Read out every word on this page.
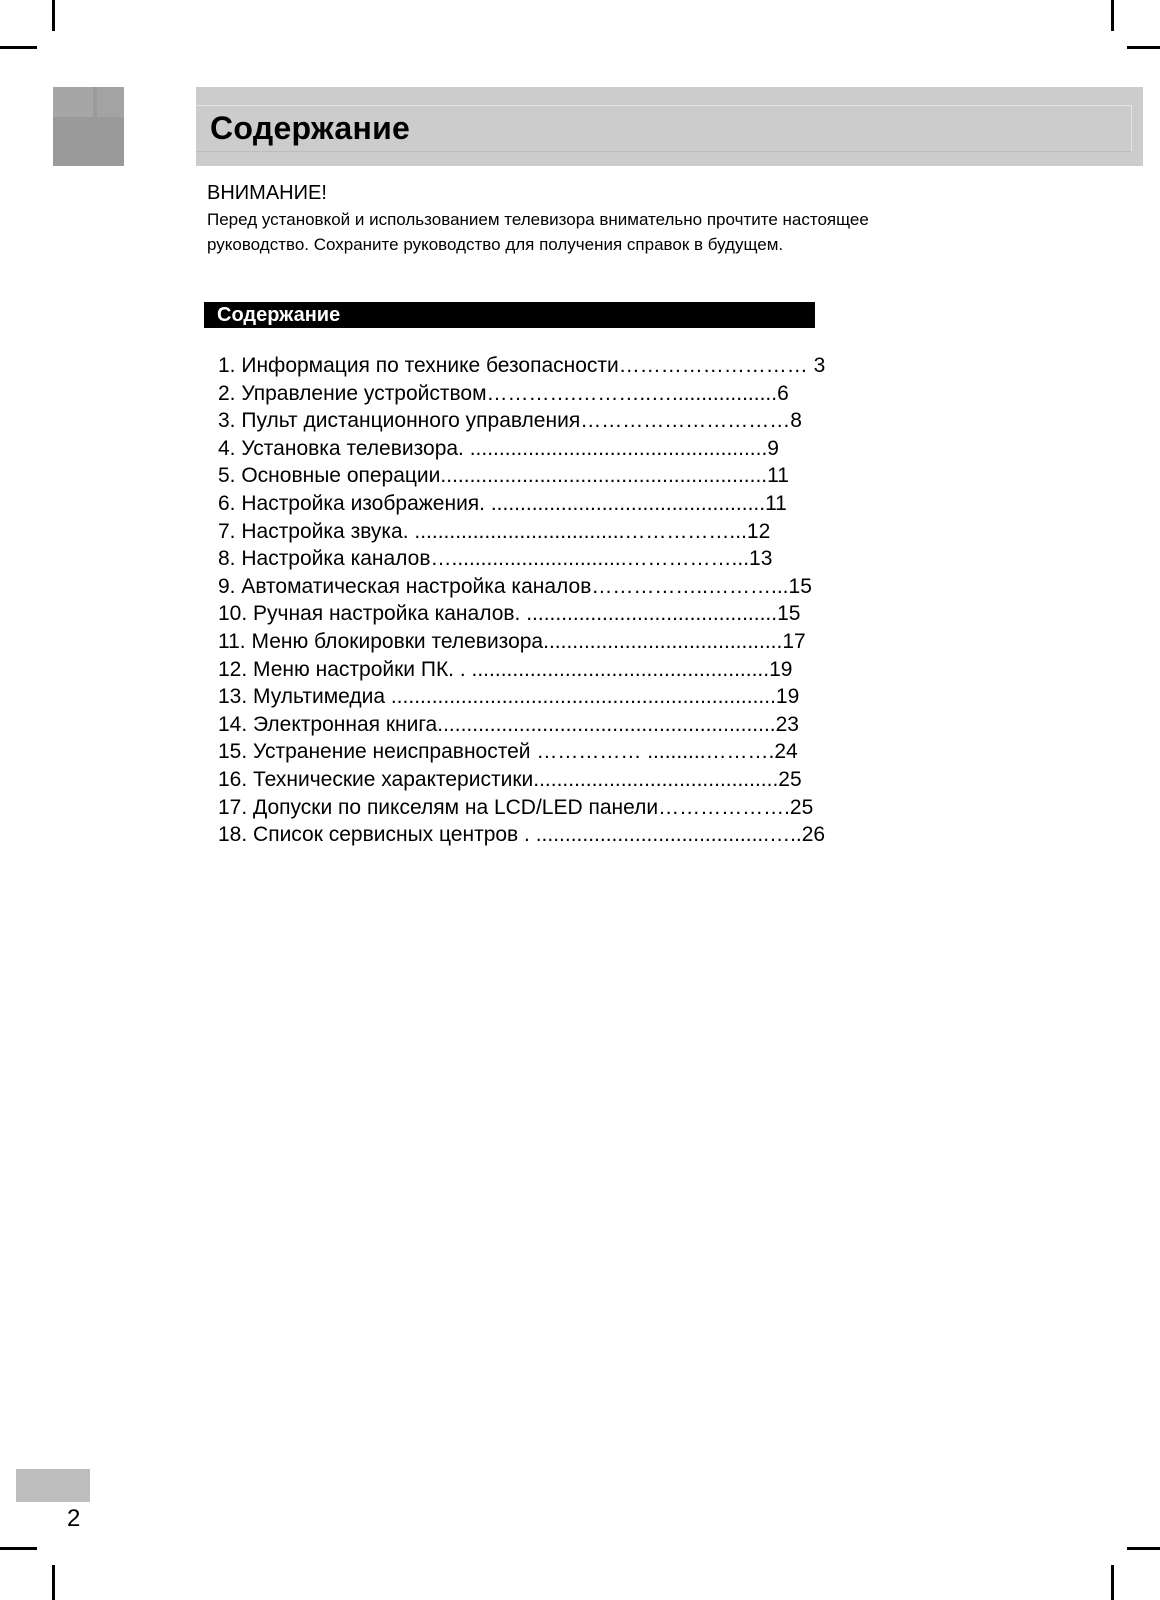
Содержание
ВНИМАНИЕ!
Перед установкой и использованием телевизора внимательно прочтите настоящее
руководство. Сохраните руководство для получения справок в будущем.
Содержание
1. Информация по технике безопасности……………………… 3
2. Управление устройством………….………..…..................6
3. Пульт дистанционного управления…………………………8
4. Установка телевизора. ...................................................9
5. Основные операции........................................................11
6. Настройка изображения. ...............................................11
7. Настройка звука. ....................................……………...12
8. Настройка каналов…..............................……………...13
9. Автоматическая настройка каналов……………..………...15
10. Ручная настройка каналов. ...........................................15
11. Меню блокировки телевизора.........................................17
12. Меню настройки ПК. . ...................................................19
13. Мультимедиа ..................................................................19
14. Электронная книга..........................................................23
15. Устранение неисправностей …………… ..........……….24
16. Технические характеристики..........................................25
17. Допуски по пикселям на LCD/LED панели……………….25
18. Список сервисных центров . ........................................…..26
2
